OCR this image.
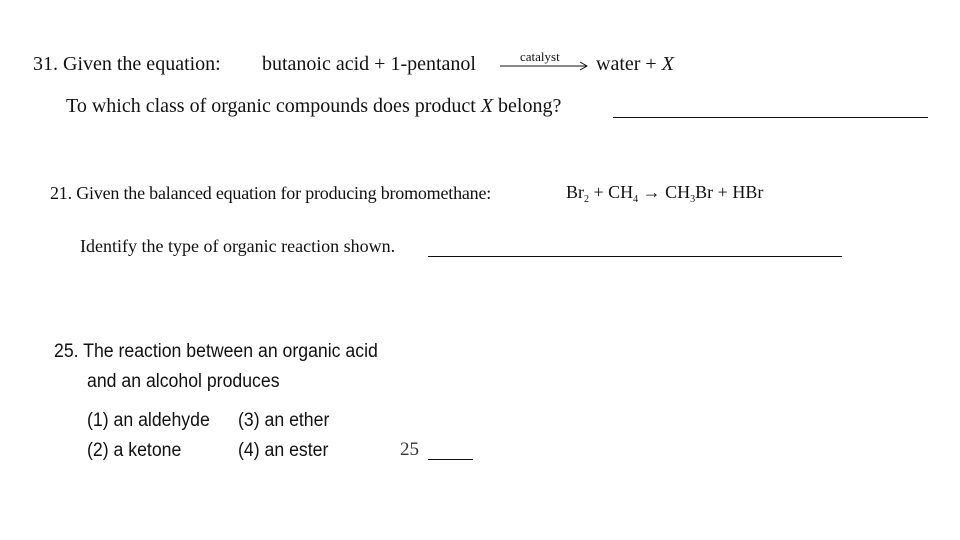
31. Given the equation: butanoic acid + 1-pentanol	catalyst water + X
To which class of organic compounds does product X belong?
21. Given the balanced equation for producing bromomethane:	$Br_2 + CH_4 \to CH_3Br$ + HBr
Identify the type of organic reaction shown.
25. The reaction between an organic acid
and an alcohol produces
(1) an aldehyde (3) an ether
(2) a ketone	(4) an ester	25
